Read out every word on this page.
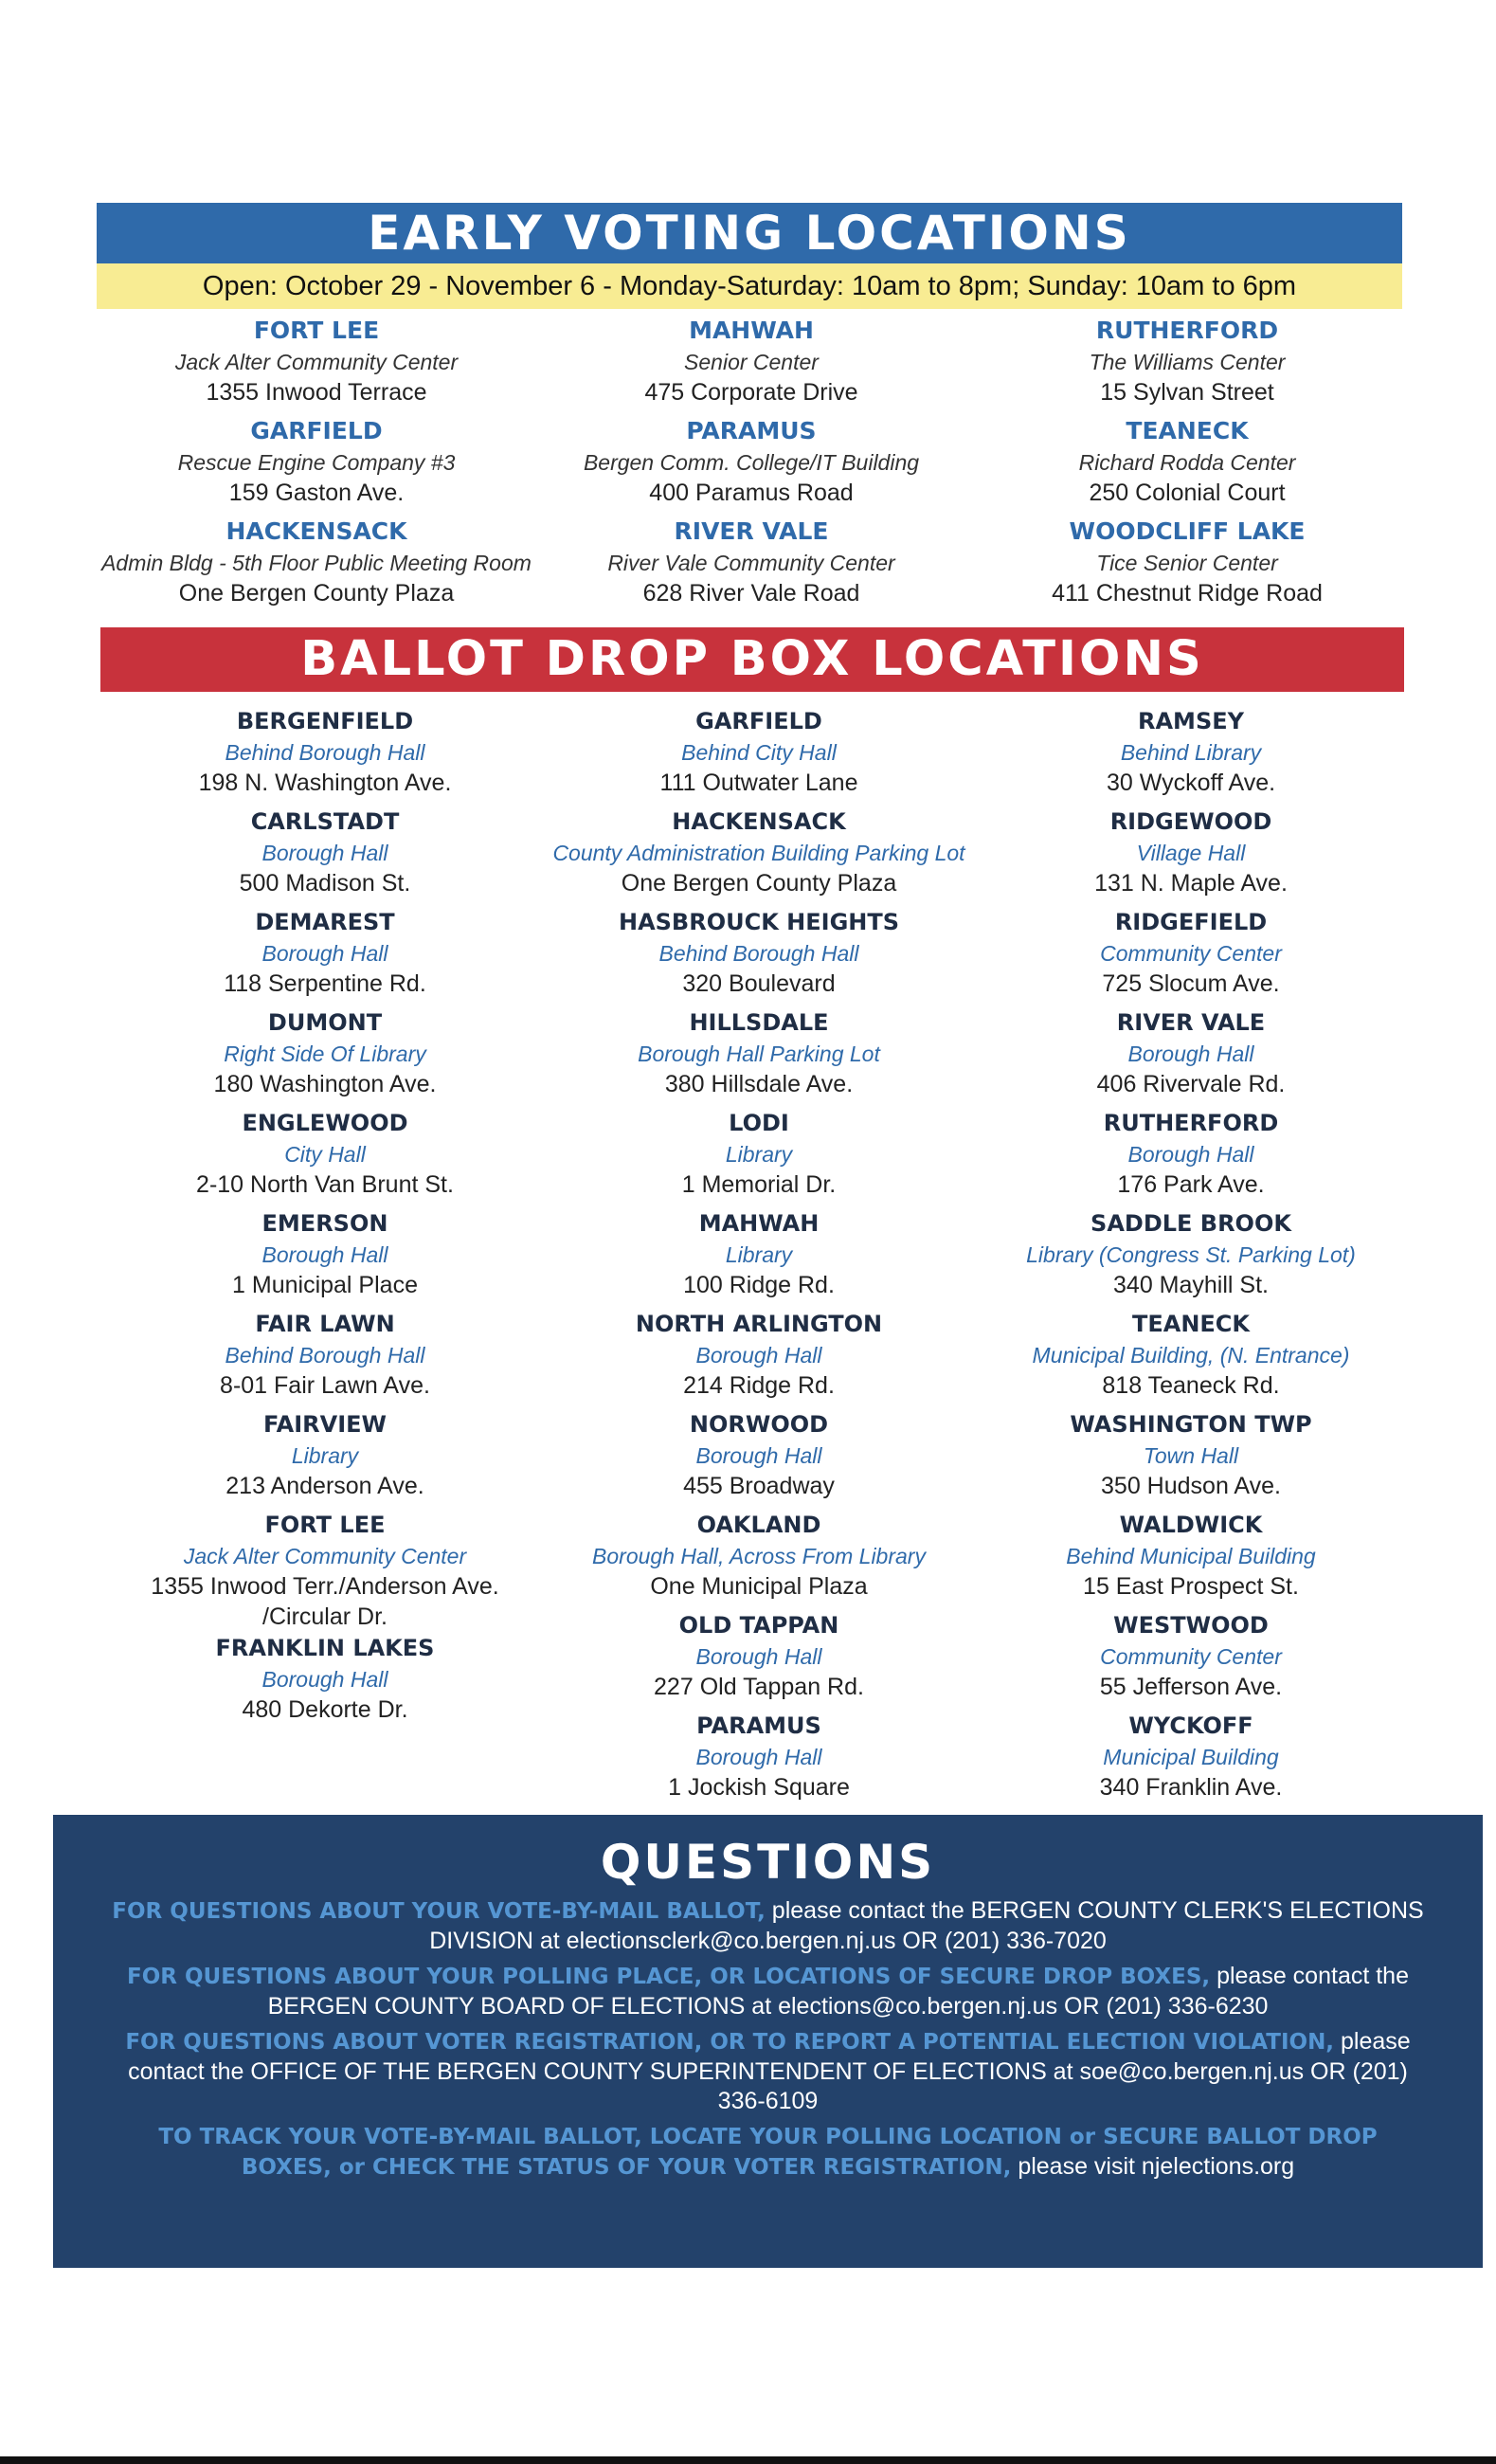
EARLY VOTING LOCATIONS
Open: October 29 - November 6 - Monday-Saturday: 10am to 8pm; Sunday: 10am to 6pm
FORT LEE
Jack Alter Community Center
1355 Inwood Terrace
GARFIELD
Rescue Engine Company #3
159 Gaston Ave.
HACKENSACK
Admin Bldg - 5th Floor Public Meeting Room
One Bergen County Plaza
MAHWAH
Senior Center
475 Corporate Drive
PARAMUS
Bergen Comm. College/IT Building
400 Paramus Road
RIVER VALE
River Vale Community Center
628 River Vale Road
RUTHERFORD
The Williams Center
15 Sylvan Street
TEANECK
Richard Rodda Center
250 Colonial Court
WOODCLIFF LAKE
Tice Senior Center
411 Chestnut Ridge Road
BALLOT DROP BOX LOCATIONS
BERGENFIELD
Behind Borough Hall
198 N. Washington Ave.
CARLSTADT
Borough Hall
500 Madison St.
DEMAREST
Borough Hall
118 Serpentine Rd.
DUMONT
Right Side Of Library
180 Washington Ave.
ENGLEWOOD
City Hall
2-10 North Van Brunt St.
EMERSON
Borough Hall
1 Municipal Place
FAIR LAWN
Behind Borough Hall
8-01 Fair Lawn Ave.
FAIRVIEW
Library
213 Anderson Ave.
FORT LEE
Jack Alter Community Center
1355 Inwood Terr./Anderson Ave.
/Circular Dr.
FRANKLIN LAKES
Borough Hall
480 Dekorte Dr.
GARFIELD
Behind City Hall
111 Outwater Lane
HACKENSACK
County Administration Building Parking Lot
One Bergen County Plaza
HASBROUCK HEIGHTS
Behind Borough Hall
320 Boulevard
HILLSDALE
Borough Hall Parking Lot
380 Hillsdale Ave.
LODI
Library
1 Memorial Dr.
MAHWAH
Library
100 Ridge Rd.
NORTH ARLINGTON
Borough Hall
214 Ridge Rd.
NORWOOD
Borough Hall
455 Broadway
OAKLAND
Borough Hall, Across From Library
One Municipal Plaza
OLD TAPPAN
Borough Hall
227 Old Tappan Rd.
PARAMUS
Borough Hall
1 Jockish Square
RAMSEY
Behind Library
30 Wyckoff Ave.
RIDGEWOOD
Village Hall
131 N. Maple Ave.
RIDGEFIELD
Community Center
725 Slocum Ave.
RIVER VALE
Borough Hall
406 Rivervale Rd.
RUTHERFORD
Borough Hall
176 Park Ave.
SADDLE BROOK
Library (Congress St. Parking Lot)
340 Mayhill St.
TEANECK
Municipal Building, (N. Entrance)
818 Teaneck Rd.
WASHINGTON TWP
Town Hall
350 Hudson Ave.
WALDWICK
Behind Municipal Building
15 East Prospect St.
WESTWOOD
Community Center
55 Jefferson Ave.
WYCKOFF
Municipal Building
340 Franklin Ave.
QUESTIONS
FOR QUESTIONS ABOUT YOUR VOTE-BY-MAIL BALLOT, please contact the BERGEN COUNTY CLERK'S ELECTIONS DIVISION at electionsclerk@co.bergen.nj.us OR (201) 336-7020
FOR QUESTIONS ABOUT YOUR POLLING PLACE, OR LOCATIONS OF SECURE DROP BOXES, please contact the BERGEN COUNTY BOARD OF ELECTIONS at elections@co.bergen.nj.us OR (201) 336-6230
FOR QUESTIONS ABOUT VOTER REGISTRATION, OR TO REPORT A POTENTIAL ELECTION VIOLATION, please contact the OFFICE OF THE BERGEN COUNTY SUPERINTENDENT OF ELECTIONS at soe@co.bergen.nj.us OR (201) 336-6109
TO TRACK YOUR VOTE-BY-MAIL BALLOT, LOCATE YOUR POLLING LOCATION or SECURE BALLOT DROP BOXES, or CHECK THE STATUS OF YOUR VOTER REGISTRATION, please visit njelections.org
